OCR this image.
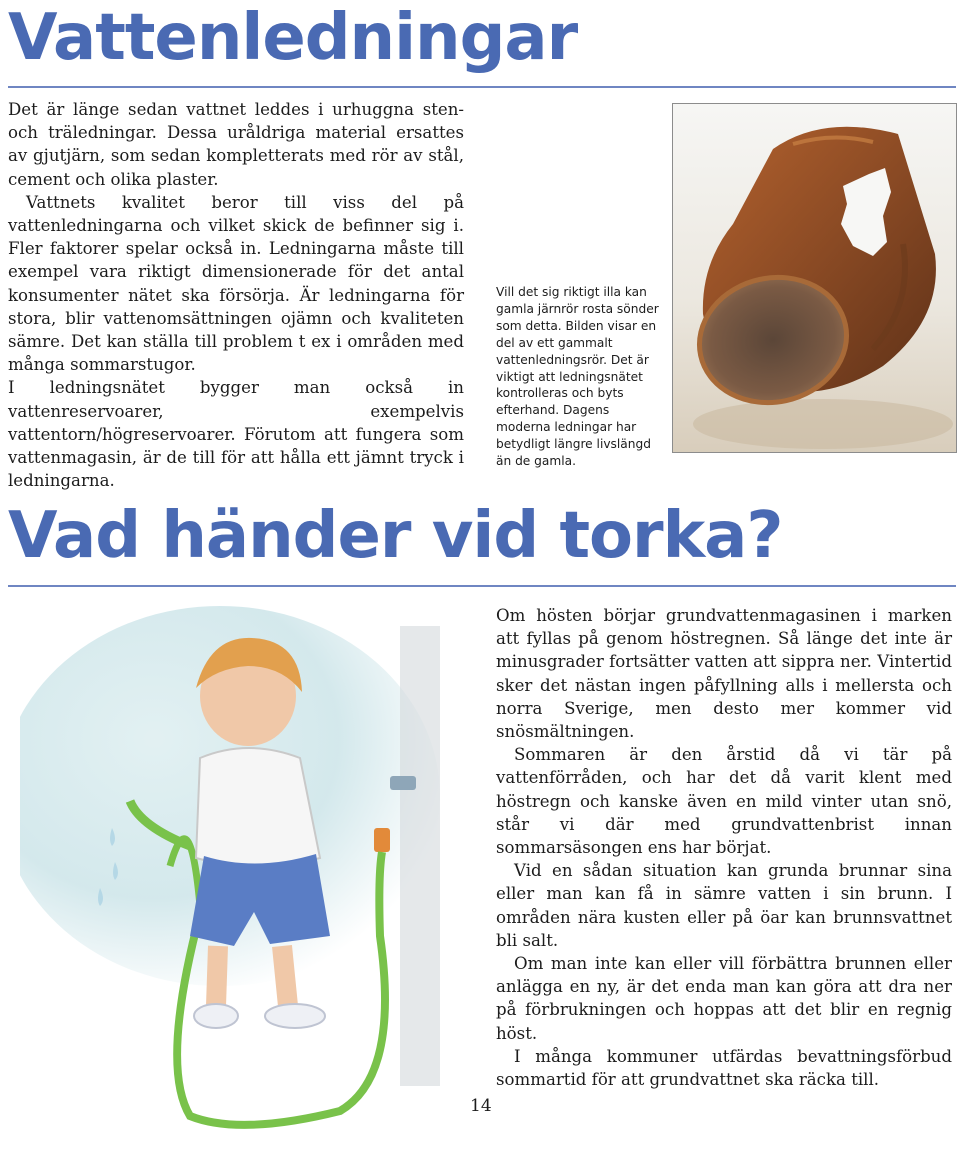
Vattenledningar

Det är länge sedan vattnet leddes i urhuggna sten- och träledningar. Dessa uråldriga material ersattes av gjutjärn, som sedan kompletterats med rör av stål, cement och olika plaster.

Vattnets kvalitet beror till viss del på vattenledningarna och vilket skick de befinner sig i. Fler faktorer spelar också in. Ledningarna måste till exempel vara riktigt dimensionerade för det antal konsumenter nätet ska försörja. Är ledningarna för stora, blir vattenomsättningen ojämn och kvaliteten sämre. Det kan ställa till problem t ex i områden med många sommarstugor.

I ledningsnätet bygger man också in vattenreservoarer, exempelvis vattentorn/högreservoarer. Förutom att fungera som vattenmagasin, är de till för att hålla ett jämnt tryck i ledningarna.

Vill det sig riktigt illa kan gamla järnrör rosta sönder som detta. Bilden visar en del av ett gammalt vattenledningsrör. Det är viktigt att ledningsnätet kontrolleras och byts efterhand. Dagens moderna ledningar har betydligt längre livslängd än de gamla.

Vad händer vid torka?

Om hösten börjar grundvattenmagasinen i marken att fyllas på genom höstregnen. Så länge det inte är minusgrader fortsätter vatten att sippra ner. Vintertid sker det nästan ingen påfyllning alls i mellersta och norra Sverige, men desto mer kommer vid snösmältningen.

Sommaren är den årstid då vi tär på vattenförråden, och har det då varit klent med höstregn och kanske även en mild vinter utan snö, står vi där med grundvattenbrist innan sommarsäsongen ens har börjat.

Vid en sådan situation kan grunda brunnar sina eller man kan få in sämre vatten i sin brunn. I områden nära kusten eller på öar kan brunnsvattnet bli salt.

Om man inte kan eller vill förbättra brunnen eller anlägga en ny, är det enda man kan göra att dra ner på förbrukningen och hoppas att det blir en regnig höst.

I många kommuner utfärdas bevattningsförbud sommartid för att grundvattnet ska räcka till.

14
